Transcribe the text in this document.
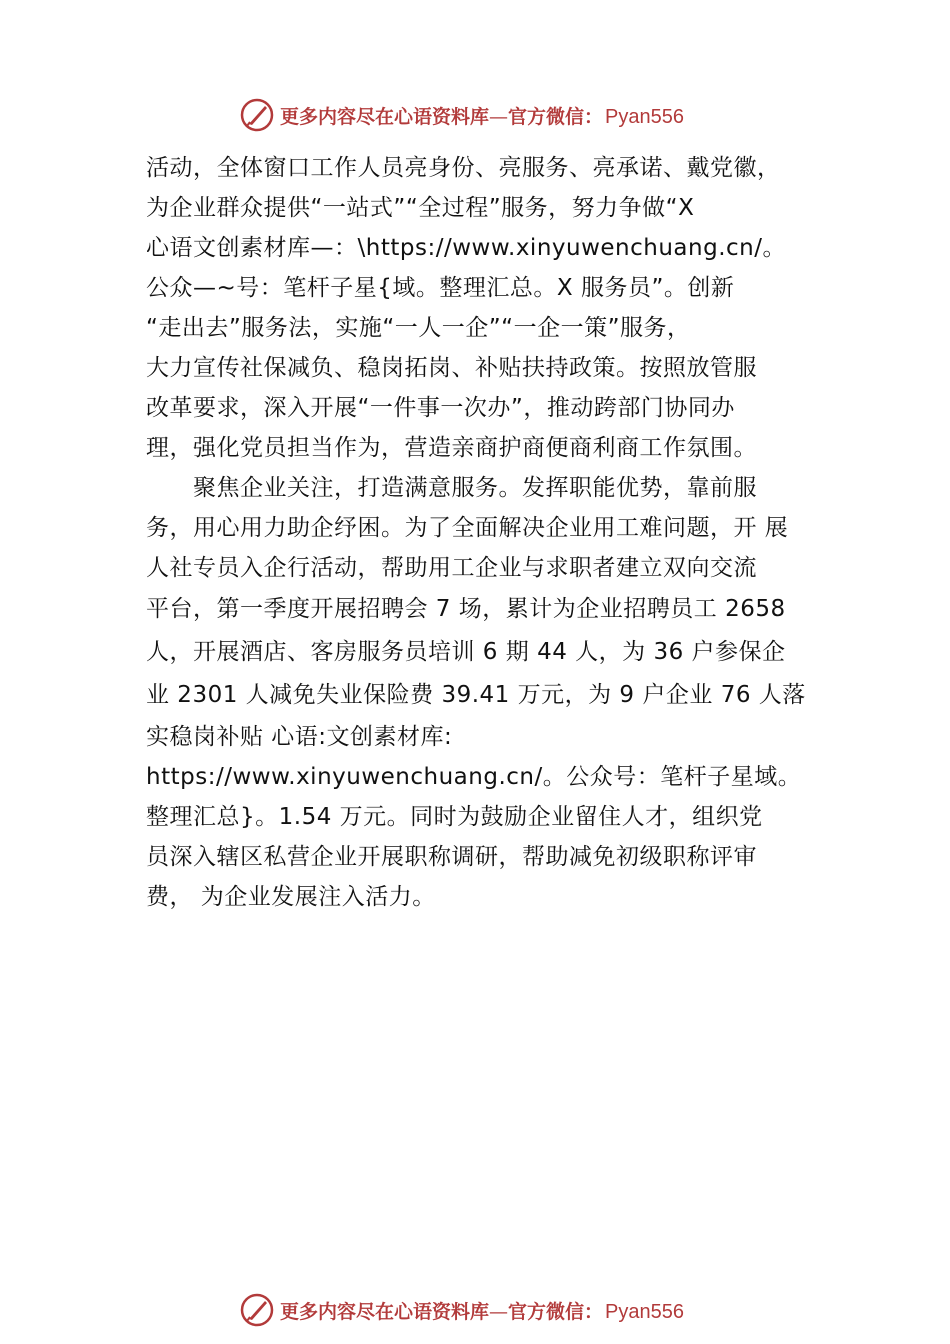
更多内容尽在心语资料库—官方微信： Pyan556
活动，全体窗口工作人员亮身份、亮服务、亮承诺、戴党徽，
为企业群众提供“一站式”“全过程”服务，努力争做“X
心语文创素材库—：\https://www.xinyuwenchuang.cn/。
公众—~号：笔杆子星{域。整理汇总。X 服务员”。创新
“走出去”服务法，实施“一人一企”“一企一策”服务，
大力宣传社保减负、稳岗拓岗、补贴扶持政策。按照放管服
改革要求，深入开展“一件事一次办”，推动跨部门协同办
理，强化党员担当作为，营造亲商护商便商利商工作氛围。
　　聚焦企业关注，打造满意服务。发挥职能优势，靠前服
务，用心用力助企纾困。为了全面解决企业用工难问题，开 展
人社专员入企行活动，帮助用工企业与求职者建立双向交流
平台，第一季度开展招聘会 7 场，累计为企业招聘员工 2658
人，开展酒店、客房服务员培训 6 期 44 人，为 36 户参保企
业 2301 人减免失业保险费 39.41 万元，为 9 户企业 76 人落
实稳岗补贴 心语:文创素材库:
https://www.xinyuwenchuang.cn/。公众号：笔杆子星域。
整理汇总}。1.54 万元。同时为鼓励企业留住人才，组织党
员深入辖区私营企业开展职称调研，帮助减免初级职称评审
费， 为企业发展注入活力。
更多内容尽在心语资料库—官方微信： Pyan556
